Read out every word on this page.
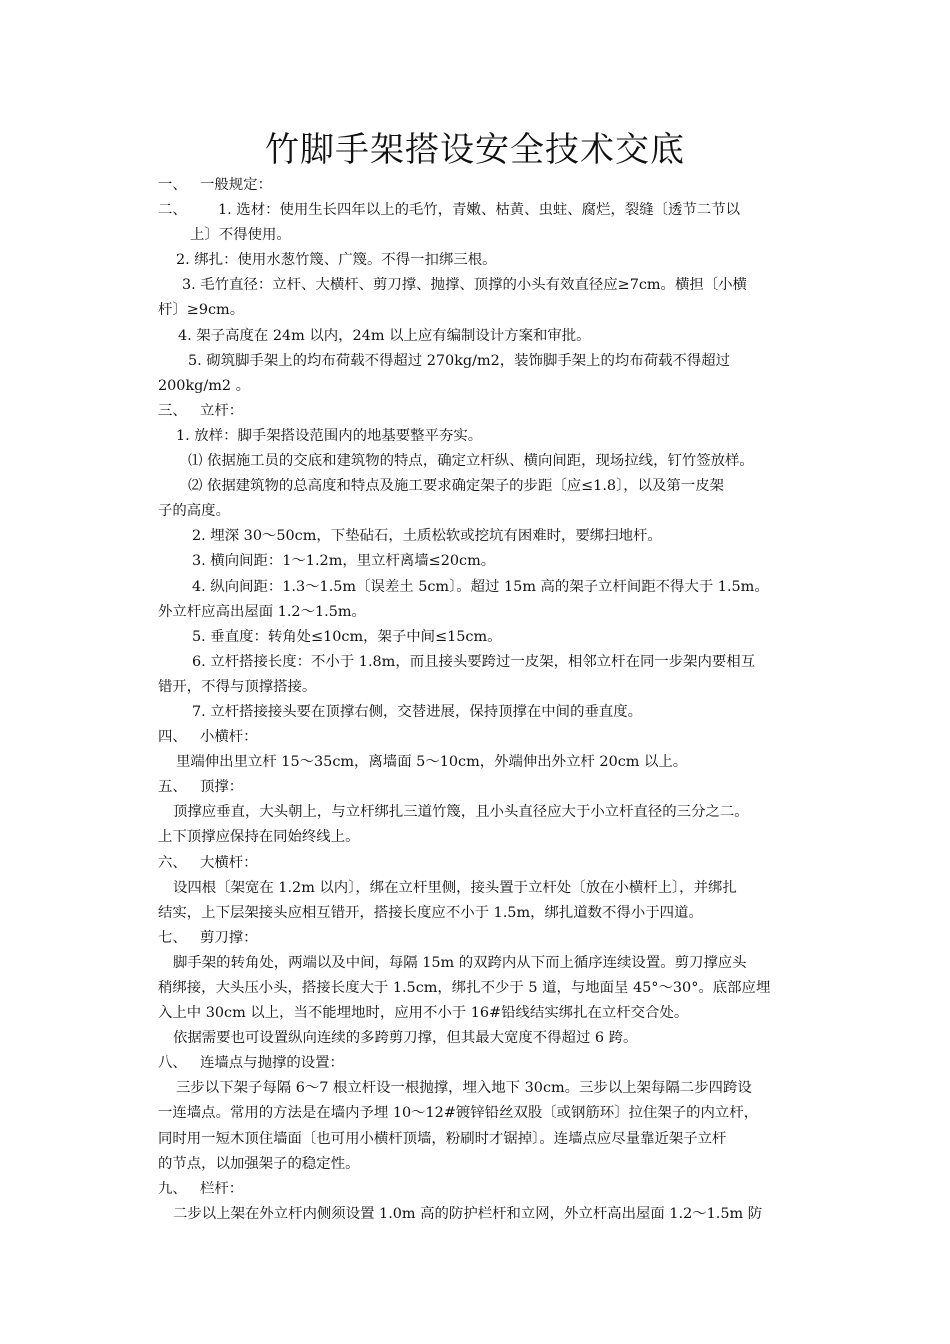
竹脚手架搭设安全技术交底
一、 一般规定：
二、 1. 选材：使用生长四年以上的毛竹，青嫩、枯黄、虫蛀、腐烂，裂缝〔透节二节以
上〕不得使用。
2. 绑扎：使用水葱竹篾、广篾。不得一扣绑三根。
3. 毛竹直径：立杆、大横杆、剪刀撑、抛撑、顶撑的小头有效直径应≥7cm。横担〔小横
杆〕≥9cm。
4. 架子高度在 24m 以内，24m 以上应有编制设计方案和审批。
5. 砌筑脚手架上的均布荷载不得超过 270kg/m2，装饰脚手架上的均布荷载不得超过
200kg/m2 。
三、 立杆：
1. 放样：脚手架搭设范围内的地基要整平夯实。
⑴ 依据施工员的交底和建筑物的特点，确定立杆纵、横向间距，现场拉线，钉竹签放样。
⑵ 依据建筑物的总高度和特点及施工要求确定架子的步距〔应≤1.8〕，以及第一皮架
子的高度。
2. 埋深 30～50cm，下垫砧石，土质松软或挖坑有困难时，要绑扫地杆。
3. 横向间距：1～1.2m，里立杆离墙≤20cm。
4. 纵向间距：1.3～1.5m〔误差土 5cm〕。超过 15m 高的架子立杆间距不得大于 1.5m。
外立杆应高出屋面 1.2～1.5m。
5. 垂直度：转角处≤10cm，架子中间≤15cm。
6. 立杆搭接长度：不小于 1.8m，而且接头要跨过一皮架，相邻立杆在同一步架内要相互
错开，不得与顶撑搭接。
7. 立杆搭接接头要在顶撑右侧，交替进展，保持顶撑在中间的垂直度。
四、 小横杆：
里端伸出里立杆 15～35cm，离墙面 5～10cm，外端伸出外立杆 20cm 以上。
五、 顶撑：
顶撑应垂直，大头朝上，与立杆绑扎三道竹篾，且小头直径应大于小立杆直径的三分之二。
上下顶撑应保持在同始终线上。
六、 大横杆：
设四根〔架宽在 1.2m 以内〕，绑在立杆里侧，接头置于立杆处〔放在小横杆上〕，并绑扎
结实，上下层架接头应相互错开，搭接长度应不小于 1.5m，绑扎道数不得小于四道。
七、 剪刀撑：
脚手架的转角处，两端以及中间，每隔 15m 的双跨内从下而上循序连续设置。剪刀撑应头
稍绑接，大头压小头，搭接长度大于 1.5cm，绑扎不少于 5 道，与地面呈 45°～30°。底部应埋
入上中 30cm 以上，当不能埋地时，应用不小于 16#铅线结实绑扎在立杆交合处。
依据需要也可设置纵向连续的多跨剪刀撑，但其最大宽度不得超过 6 跨。
八、 连墙点与抛撑的设置：
三步以下架子每隔 6～7 根立杆设一根抛撑，埋入地下 30cm。三步以上架每隔二步四跨设
一连墙点。常用的方法是在墙内予埋 10～12#镀锌铅丝双股〔或钢筋环〕拉住架子的内立杆，
同时用一短木顶住墙面〔也可用小横杆顶墙，粉刷时才锯掉〕。连墙点应尽量靠近架子立杆
的节点，以加强架子的稳定性。
九、 栏杆：
二步以上架在外立杆内侧须设置 1.0m 高的防护栏杆和立网，外立杆高出屋面 1.2～1.5m 防
